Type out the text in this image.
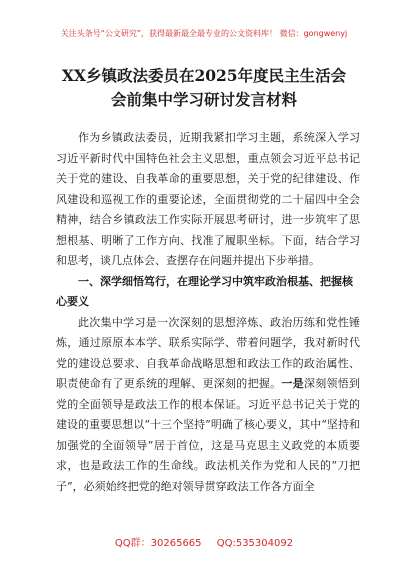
关注头条号“公文研究”，获得最新最全最专业的公文资料库！ 微信：gongwenyj
XX乡镇政法委员在2025年度民主生活会
会前集中学习研讨发言材料

作为乡镇政法委员，近期我紧扣学习主题，系统深入学习习近平新时代中国特色社会主义思想，重点领会习近平总书记关于党的建设、自我革命的重要思想，关于党的纪律建设、作风建设和巡视工作的重要论述，全面贯彻党的二十届四中全会精神，结合乡镇政法工作实际开展思考研讨，进一步筑牢了思想根基、明晰了工作方向、找准了履职坐标。下面，结合学习和思考，谈几点体会、查摆存在问题并提出下步举措。

一、深学细悟笃行，在理论学习中筑牢政治根基、把握核心要义

此次集中学习是一次深刻的思想淬炼、政治历练和党性锤炼，通过原原本本学、联系实际学、带着问题学，我对新时代党的建设总要求、自我革命战略思想和政法工作的政治属性、职责使命有了更系统的理解、更深刻的把握。一是深刻领悟到党的全面领导是政法工作的根本保证。习近平总书记关于党的建设的重要思想以“十三个坚持”明确了核心要义，其中“坚持和加强党的全面领导”居于首位，这是马克思主义政党的本质要求，也是政法工作的生命线。政法机关作为党和人民的“刀把子”，必须始终把党的绝对领导贯穿政法工作各方面全

QQ群：30265665 QQ:535304092
